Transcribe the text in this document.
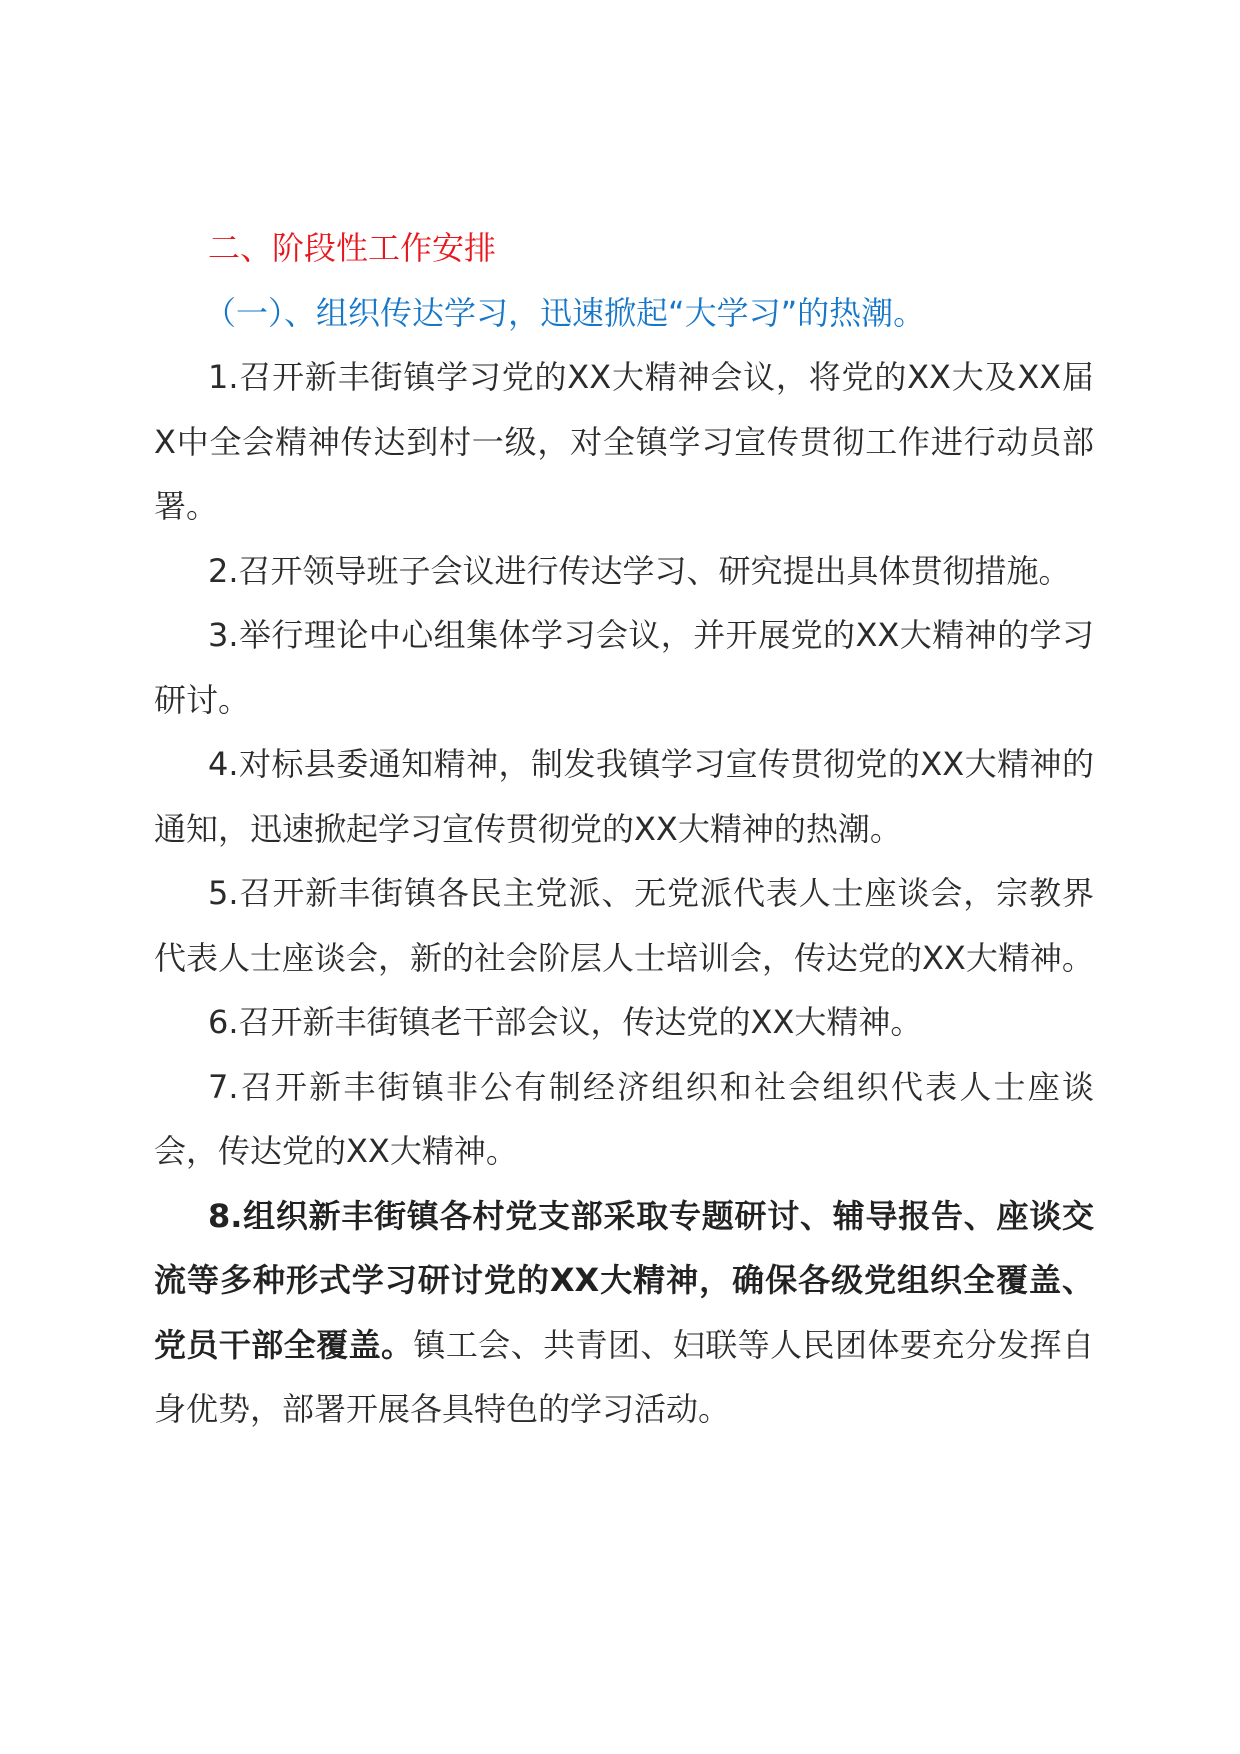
二、阶段性工作安排

（一）、组织传达学习，迅速掀起“大学习”的热潮。

1.召开新丰街镇学习党的XX大精神会议，将党的XX大及XX届X中全会精神传达到村一级，对全镇学习宣传贯彻工作进行动员部署。

2.召开领导班子会议进行传达学习、研究提出具体贯彻措施。

3.举行理论中心组集体学习会议，并开展党的XX大精神的学习研讨。

4.对标县委通知精神，制发我镇学习宣传贯彻党的XX大精神的通知，迅速掀起学习宣传贯彻党的XX大精神的热潮。

5.召开新丰街镇各民主党派、无党派代表人士座谈会，宗教界代表人士座谈会，新的社会阶层人士培训会，传达党的XX大精神。

6.召开新丰街镇老干部会议，传达党的XX大精神。

7.召开新丰街镇非公有制经济组织和社会组织代表人士座谈会，传达党的XX大精神。

8.组织新丰街镇各村党支部采取专题研讨、辅导报告、座谈交流等多种形式学习研讨党的XX大精神，确保各级党组织全覆盖、党员干部全覆盖。镇工会、共青团、妇联等人民团体要充分发挥自身优势，部署开展各具特色的学习活动。
